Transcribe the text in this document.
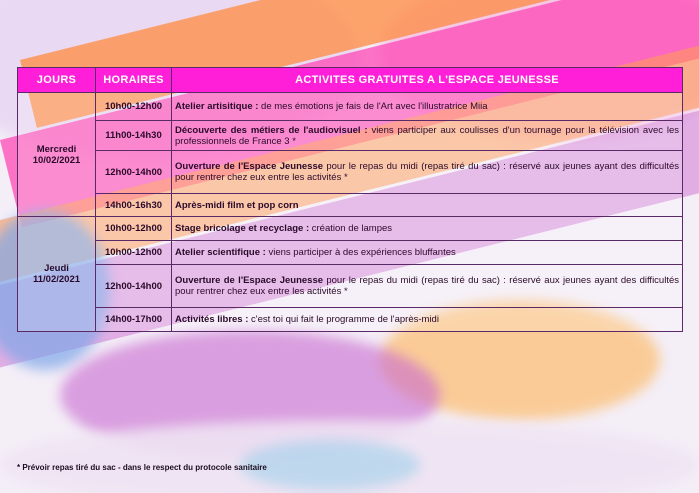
JOURS	HORAIRES	ACTIVITES GRATUITES A L'ESPACE JEUNESSE

Mercredi
10/02/2021	10h00-12h00	Atelier artisitique : de mes émotions je fais de l'Art avec l'illustratrice Miia
	11h00-14h30	Découverte des métiers de l'audiovisuel : viens participer aux coulisses d'un tournage pour la télévision avec les professionnels de France 3 *
	12h00-14h00	Ouverture de l'Espace Jeunesse pour le repas du midi (repas tiré du sac) : réservé aux jeunes ayant des difficultés pour rentrer chez eux entre les activités *
	14h00-16h30	Après-midi film et pop corn

Jeudi
11/02/2021	10h00-12h00	Stage bricolage et recyclage : création de lampes
	10h00-12h00	Atelier scientifique : viens participer à des expériences bluffantes
	12h00-14h00	Ouverture de l'Espace Jeunesse pour le repas du midi (repas tiré du sac) : réservé aux jeunes ayant des difficultés pour rentrer chez eux entre les activités *
	14h00-17h00	Activités libres : c'est toi qui fait le programme de l'après-midi
* Prévoir repas tiré du sac - dans le respect du protocole sanitaire
